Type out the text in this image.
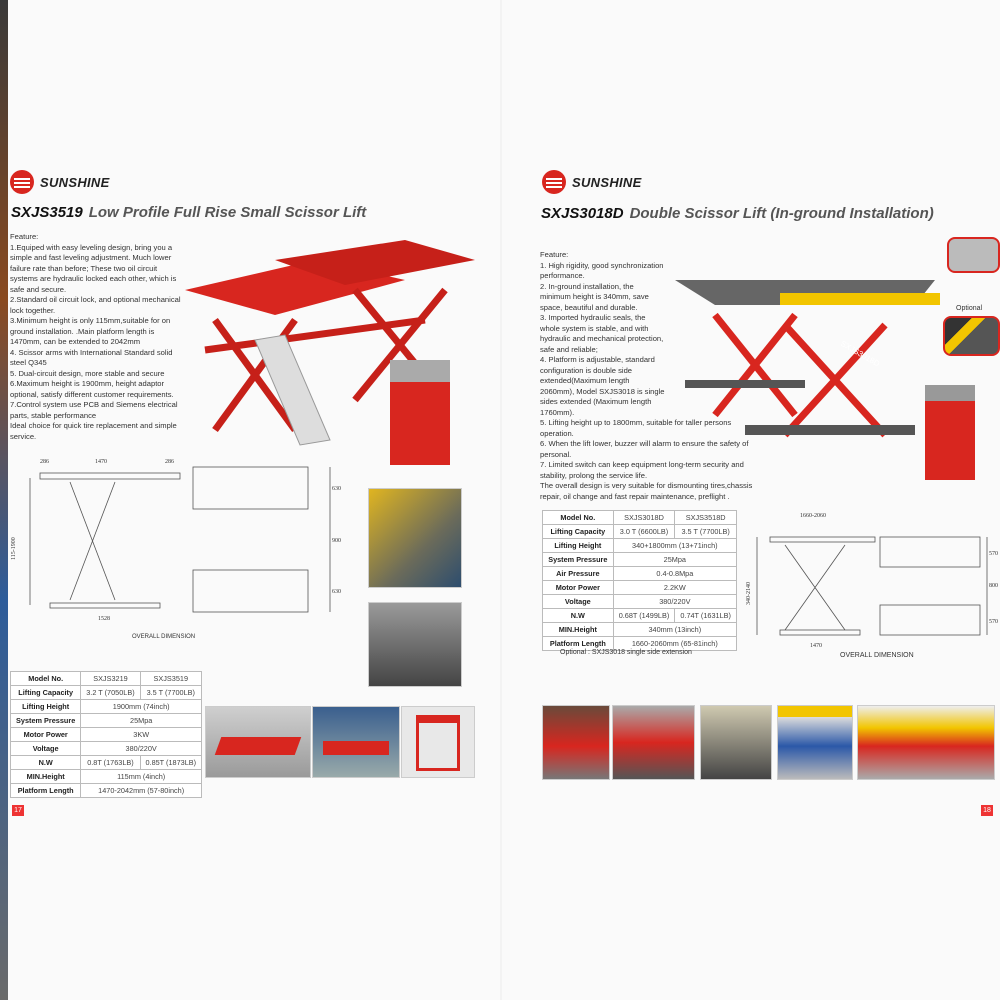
SUNSHINE
SXJS3519 Low Profile Full Rise Small Scissor Lift

Feature:

1.Equiped with easy leveling design, bring you a simple and fast leveling adjustment. Much lower failure rate than before; These two oil circuit systems are hydraulic locked each other, which is safe and secure.

2.Standard oil circuit lock, and optional mechanical lock together.

3.Minimum height is only 115mm,suitable for on ground installation. .Main platform length is 1470mm, can be extended to 2042mm

4. Scissor arms with International Standard solid steel Q345

5. Dual-circuit design, more stable and secure

6.Maximum height is 1900mm, height adaptor optional, satisfy different customer requirements.

7.Control system use PCB and Siemens electrical parts, stable performance

Ideal choice for quick tire replacement and simple service.

286	1470	286
115-1900
1528
630
900
630
OVERALL DIMENSION
Model No.	SXJS3219	SXJS3519
Lifting Capacity	3.2 T (7050LB)	3.5 T (7700LB)
Lifting Height	1900mm (74inch)	
System Pressure	25Mpa	
Motor Power	3KW	
Voltage	380/220V	
N.W	0.8T (1763LB)	0.85T (1873LB)
MIN.Height	115mm (4inch)	
Platform Length	1470-2042mm (57-80inch)	
17
SUNSHINE
SXJS3018D Double Scissor Lift (In-ground Installation)

Feature:

1. High rigidity, good synchronization performance.

2. In-ground installation, the minimum height is 340mm, save space, beautiful and durable.

3. Imported hydraulic seals, the whole system is stable, and with hydraulic and mechanical protection, safe and reliable;

4. Platform is adjustable, standard configuration is double side extended(Maximum length 2060mm), Model SXJS3018 is single sides extended (Maximum length 1760mm).

5. Lifting height up to 1800mm, suitable for taller persons operation.

6. When the lift lower, buzzer will alarm to ensure the safety of personal.

7. Limited switch can keep equipment long-term security and stability, prolong the service life.

The overall design is very suitable for dismounting tires,chassis repair, oil change and fast repair maintenance, preflight .

SXJS3018D
Optional
Model No.	SXJS3018D	SXJS3518D
Lifting Capacity	3.0 T (6600LB)	3.5 T (7700LB)
Lifting Height	340+1800mm (13+71inch)	
System Pressure	25Mpa	
Air Pressure	0.4-0.8Mpa	
Motor Power	2.2KW	
Voltage	380/220V	
N.W	0.68T (1499LB)	0.74T (1631LB)
MIN.Height	340mm (13inch)	
Platform Length	1660-2060mm (65-81inch)	
Optional : SXJS3018 single side extension
1660-2060
340-2140
1470
570
800
570
OVERALL DIMENSION
18
